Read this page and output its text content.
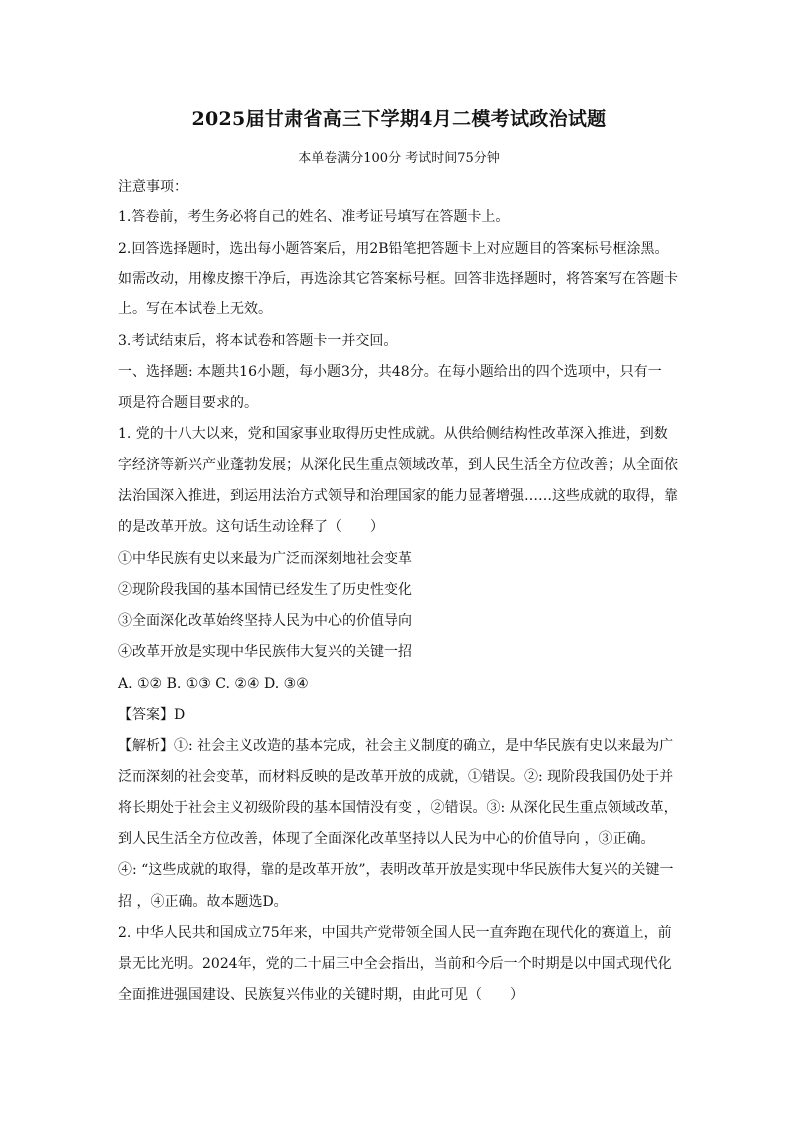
2025届甘肃省高三下学期4月二模考试政治试题
本单卷满分100分 考试时间75分钟
注意事项：
1.答卷前，考生务必将自己的姓名、准考证号填写在答题卡上。
2.回答选择题时，选出每小题答案后，用2B铅笔把答题卡上对应题目的答案标号框涂黑。
如需改动，用橡皮擦干净后，再选涂其它答案标号框。回答非选择题时，将答案写在答题卡
上。写在本试卷上无效。
3.考试结束后，将本试卷和答题卡一并交回。
一、选择题: 本题共16小题，每小题3分，共48分。在每小题给出的四个选项中，只有一
项是符合题目要求的。
1. 党的十八大以来，党和国家事业取得历史性成就。从供给侧结构性改革深入推进，到数
字经济等新兴产业蓬勃发展；从深化民生重点领域改革，到人民生活全方位改善；从全面依
法治国深入推进，到运用法治方式领导和治理国家的能力显著增强……这些成就的取得，靠
的是改革开放。这句话生动诠释了（　　）
①中华民族有史以来最为广泛而深刻地社会变革
②现阶段我国的基本国情已经发生了历史性变化
③全面深化改革始终坚持人民为中心的价值导向
④改革开放是实现中华民族伟大复兴的关键一招
A. ①② B. ①③ C. ②④ D. ③④
【答案】D
【解析】①: 社会主义改造的基本完成，社会主义制度的确立，是中华民族有史以来最为广
泛而深刻的社会变革，而材料反映的是改革开放的成就，①错误。②: 现阶段我国仍处于并
将长期处于社会主义初级阶段的基本国情没有变 ，②错误。③: 从深化民生重点领域改革，
到人民生活全方位改善，体现了全面深化改革坚持以人民为中心的价值导向 ，③正确。
④: “这些成就的取得，靠的是改革开放”，表明改革开放是实现中华民族伟大复兴的关键一
招 ，④正确。故本题选D。
2. 中华人民共和国成立75年来，中国共产党带领全国人民一直奔跑在现代化的赛道上，前
景无比光明。2024年，党的二十届三中全会指出，当前和今后一个时期是以中国式现代化
全面推进强国建设、民族复兴伟业的关键时期，由此可见（　　）
